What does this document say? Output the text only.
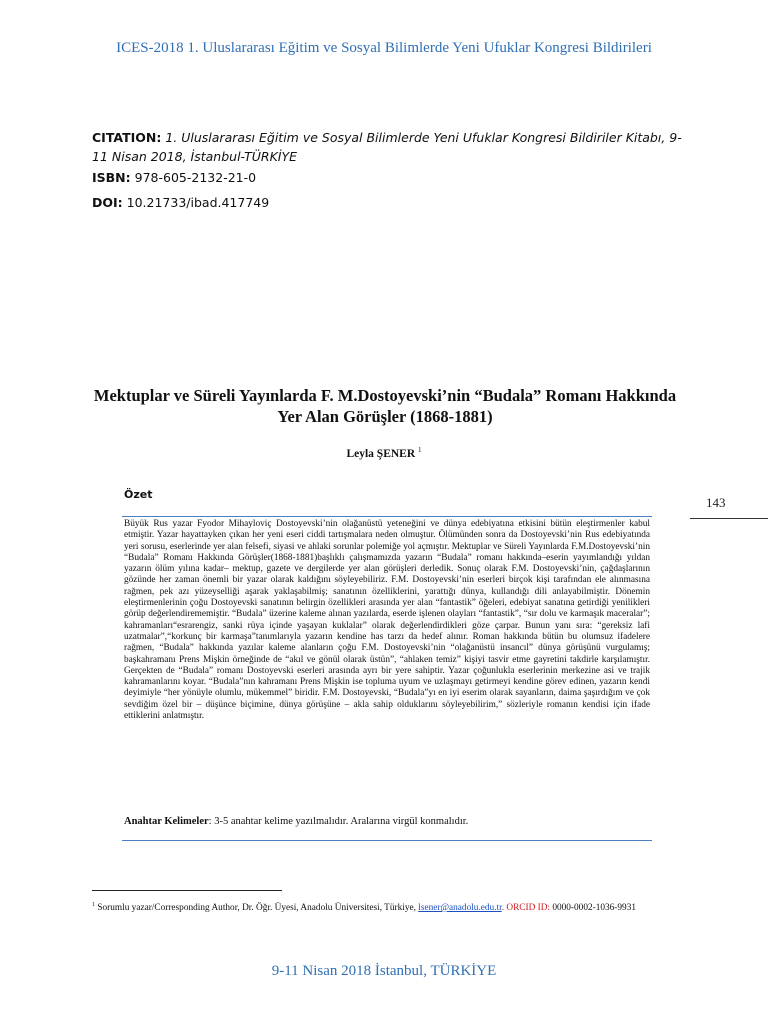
ICES-2018 1. Uluslararası Eğitim ve Sosyal Bilimlerde Yeni Ufuklar Kongresi Bildirileri
CITATION: 1. Uluslararası Eğitim ve Sosyal Bilimlerde Yeni Ufuklar Kongresi Bildiriler Kitabı, 9-11 Nisan 2018, İstanbul-TÜRKİYE
ISBN: 978-605-2132-21-0
DOI: 10.21733/ibad.417749
Mektuplar ve Süreli Yayınlarda F. M.Dostoyevski’nin “Budala” Romanı Hakkında Yer Alan Görüşler (1868-1881)
Leyla ŞENER $^1$
Özet
143
Büyük Rus yazar Fyodor Mihayloviç Dostoyevski’nin olağanüstü yeteneğini ve dünya edebiyatına etkisini bütün eleştirmenler kabul etmiştir. Yazar hayattayken çıkan her yeni eseri ciddi tartışmalara neden olmuştur. Ölümünden sonra da Dostoyevski’nin Rus edebiyatında yeri sorusu, eserlerinde yer alan felsefi, siyasi ve ahlaki sorunlar polemiğe yol açmıştır. Mektuplar ve Süreli Yayınlarda F.M.Dostoyevski’nin “Budala” Romanı Hakkında Görüşler(1868-1881)başlıklı çalışmamızda yazarın “Budala” romanı hakkında–eserin yayımlandığı yıldan yazarın ölüm yılına kadar– mektup, gazete ve dergilerde yer alan görüşleri derledik. Sonuç olarak F.M. Dostoyevski’nin, çağdaşlarının gözünde her zaman önemli bir yazar olarak kaldığını söyleyebiliriz. F.M. Dostoyevski’nin eserleri birçok kişi tarafından ele alınmasına rağmen, pek azı yüzeyselliği aşarak yaklaşabilmiş; sanatının özelliklerini, yarattığı dünya, kullandığı dili anlayabilmiştir. Dönemin eleştirmenlerinin çoğu Dostoyevski sanatının belirgin özellikleri arasında yer alan “fantastik” öğeleri, edebiyat sanatına getirdiği yenilikleri görüp değerlendirememiştir. “Budala” üzerine kaleme alınan yazılarda, eserde işlenen olayları “fantastik”, “sır dolu ve karmaşık maceralar”; kahramanları“esrarengiz, sanki rüya içinde yaşayan kuklalar” olarak değerlendirdikleri göze çarpar. Bunun yanı sıra: “gereksiz lafi uzatmalar”,“korkunç bir karmaşa”tanımlarıyla yazarın kendine has tarzı da hedef alınır. Roman hakkında bütün bu olumsuz ifadelere rağmen, “Budala” hakkında yazılar kaleme alanların çoğu F.M. Dostoyevski’nin “olağanüstü insancıl” dünya görüşünü vurgulamış; başkahramanı Prens Mişkin örneğinde de “akıl ve gönül olarak üstün”, “ahlaken temiz” kişiyi tasvir etme gayretini takdirle karşılamıştır. Gerçekten de “Budala” romanı Dostoyevski eserleri arasında ayrı bir yere sahiptir. Yazar çoğunlukla eserlerinin merkezine asi ve trajik kahramanlarını koyar. “Budala”nın kahramanı Prens Mişkin ise topluma uyum ve uzlaşmayı getirmeyi kendine görev edinen, yazarın kendi deyimiyle “her yönüyle olumlu, mükemmel” biridir. F.M. Dostoyevski, “Budala”yı en iyi eserim olarak sayanların, daima şaşırdığım ve çok sevdiğim özel bir – düşünce biçimine, dünya görüşüne – akla sahip olduklarını söyleyebilirim,” sözleriyle romanın kendisi için ifade ettiklerini anlatmıştır.
Anahtar Kelimeler: 3-5 anahtar kelime yazılmalıdır. Aralarına virgül konmalıdır.
$^1$ Sorumlu yazar/Corresponding Author, Dr. Öğr. Üyesi, Anadolu Üniversitesi, Türkiye, lsener@anadolu.edu.tr. ORCID ID: 0000-0002-1036-9931
9-11 Nisan 2018 İstanbul, TÜRKİYE
